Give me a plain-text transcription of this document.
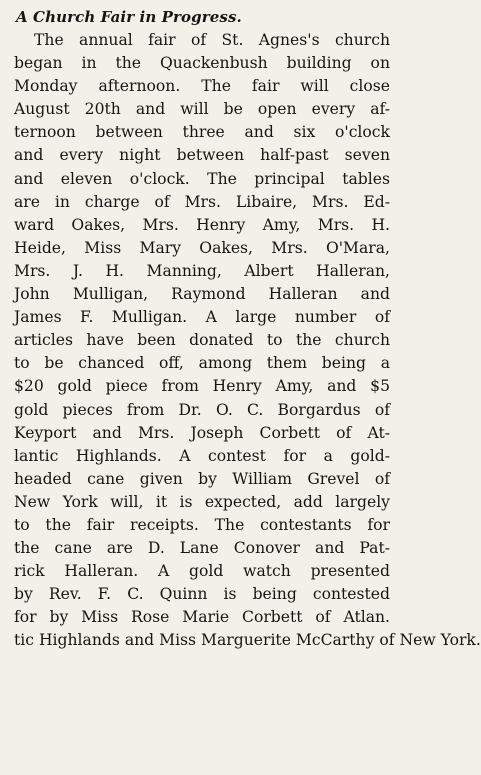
A Church Fair in Progress.
The annual fair of St. Agnes's church
began in the Quackenbush building on
Monday afternoon. The fair will close
August 20th and will be open every af-
ternoon between three and six o'clock
and every night between half-past seven
and eleven o'clock. The principal tables
are in charge of Mrs. Libaire, Mrs. Ed-
ward Oakes, Mrs. Henry Amy, Mrs. H.
Heide, Miss Mary Oakes, Mrs. O'Mara,
Mrs. J. H. Manning, Albert Halleran,
John Mulligan, Raymond Halleran and
James F. Mulligan. A large number of
articles have been donated to the church
to be chanced off, among them being a
$20 gold piece from Henry Amy, and $5
gold pieces from Dr. O. C. Borgardus of
Keyport and Mrs. Joseph Corbett of At-
lantic Highlands. A contest for a gold-
headed cane given by William Grevel of
New York will, it is expected, add largely
to the fair receipts. The contestants for
the cane are D. Lane Conover and Pat-
rick Halleran. A gold watch presented
by Rev. F. C. Quinn is being contested
for by Miss Rose Marie Corbett of Atlan.
tic Highlands and Miss Marguerite McCarthy of New York.
